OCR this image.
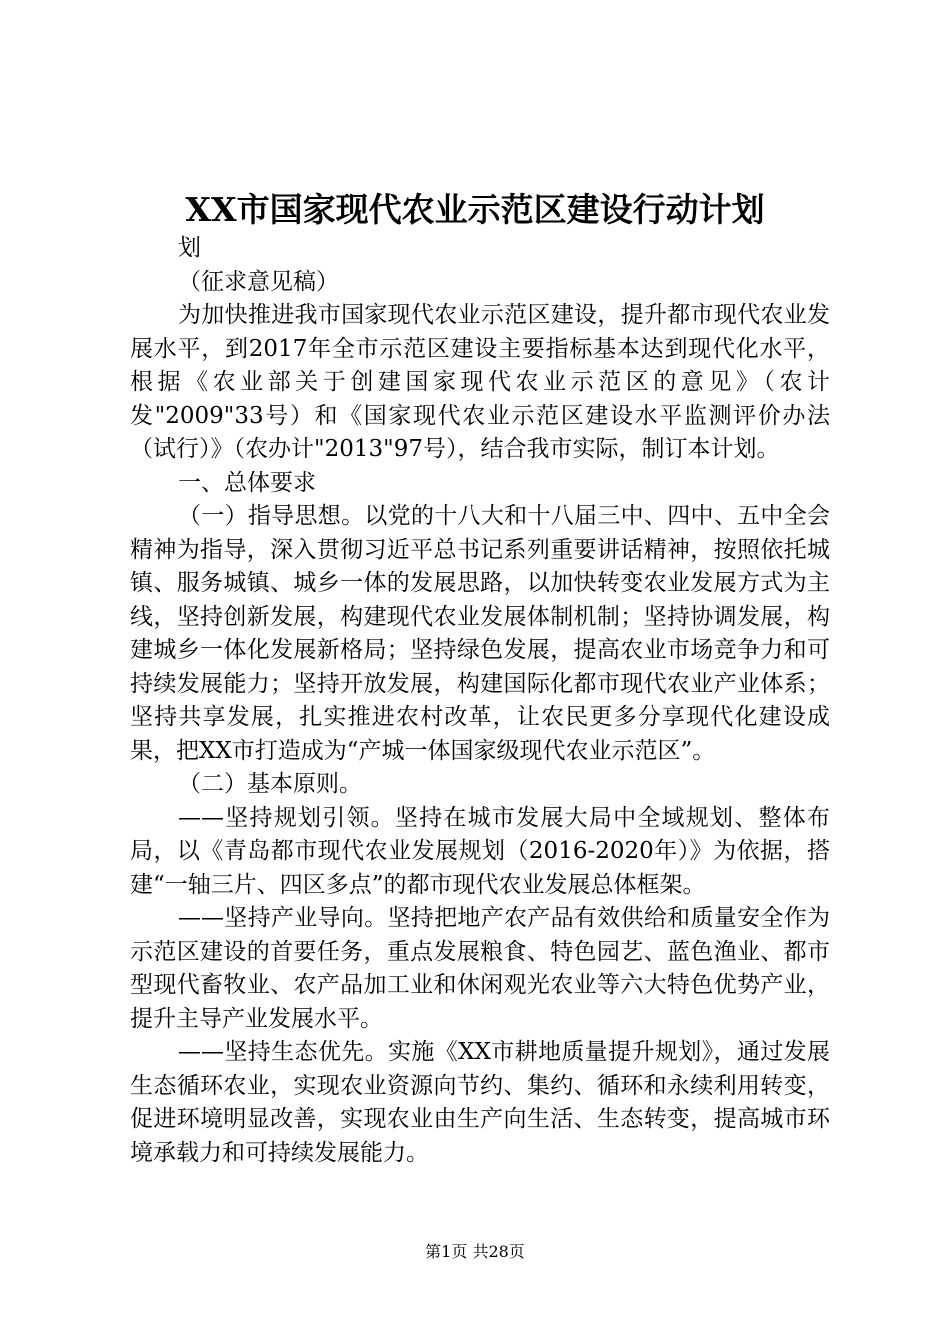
XX市国家现代农业示范区建设行动计划

划

（征求意见稿）

为加快推进我市国家现代农业示范区建设，提升都市现代农业发展水平，到2017年全市示范区建设主要指标基本达到现代化水平，根据《农业部关于创建国家现代农业示范区的意见》（农计发"2009"33号）和《国家现代农业示范区建设水平监测评价办法（试行）》（农办计"2013"97号），结合我市实际，制订本计划。

一、总体要求

（一）指导思想。以党的十八大和十八届三中、四中、五中全会精神为指导，深入贯彻习近平总书记系列重要讲话精神，按照依托城镇、服务城镇、城乡一体的发展思路，以加快转变农业发展方式为主线，坚持创新发展，构建现代农业发展体制机制；坚持协调发展，构建城乡一体化发展新格局；坚持绿色发展，提高农业市场竞争力和可持续发展能力；坚持开放发展，构建国际化都市现代农业产业体系；坚持共享发展，扎实推进农村改革，让农民更多分享现代化建设成果，把XX市打造成为“产城一体国家级现代农业示范区”。

（二）基本原则。

——坚持规划引领。坚持在城市发展大局中全域规划、整体布局，以《青岛都市现代农业发展规划（2016-2020年）》为依据，搭建“一轴三片、四区多点”的都市现代农业发展总体框架。

——坚持产业导向。坚持把地产农产品有效供给和质量安全作为示范区建设的首要任务，重点发展粮食、特色园艺、蓝色渔业、都市型现代畜牧业、农产品加工业和休闲观光农业等六大特色优势产业，提升主导产业发展水平。

——坚持生态优先。实施《XX市耕地质量提升规划》，通过发展生态循环农业，实现农业资源向节约、集约、循环和永续利用转变，促进环境明显改善，实现农业由生产向生活、生态转变，提高城市环境承载力和可持续发展能力。

第1页 共28页
